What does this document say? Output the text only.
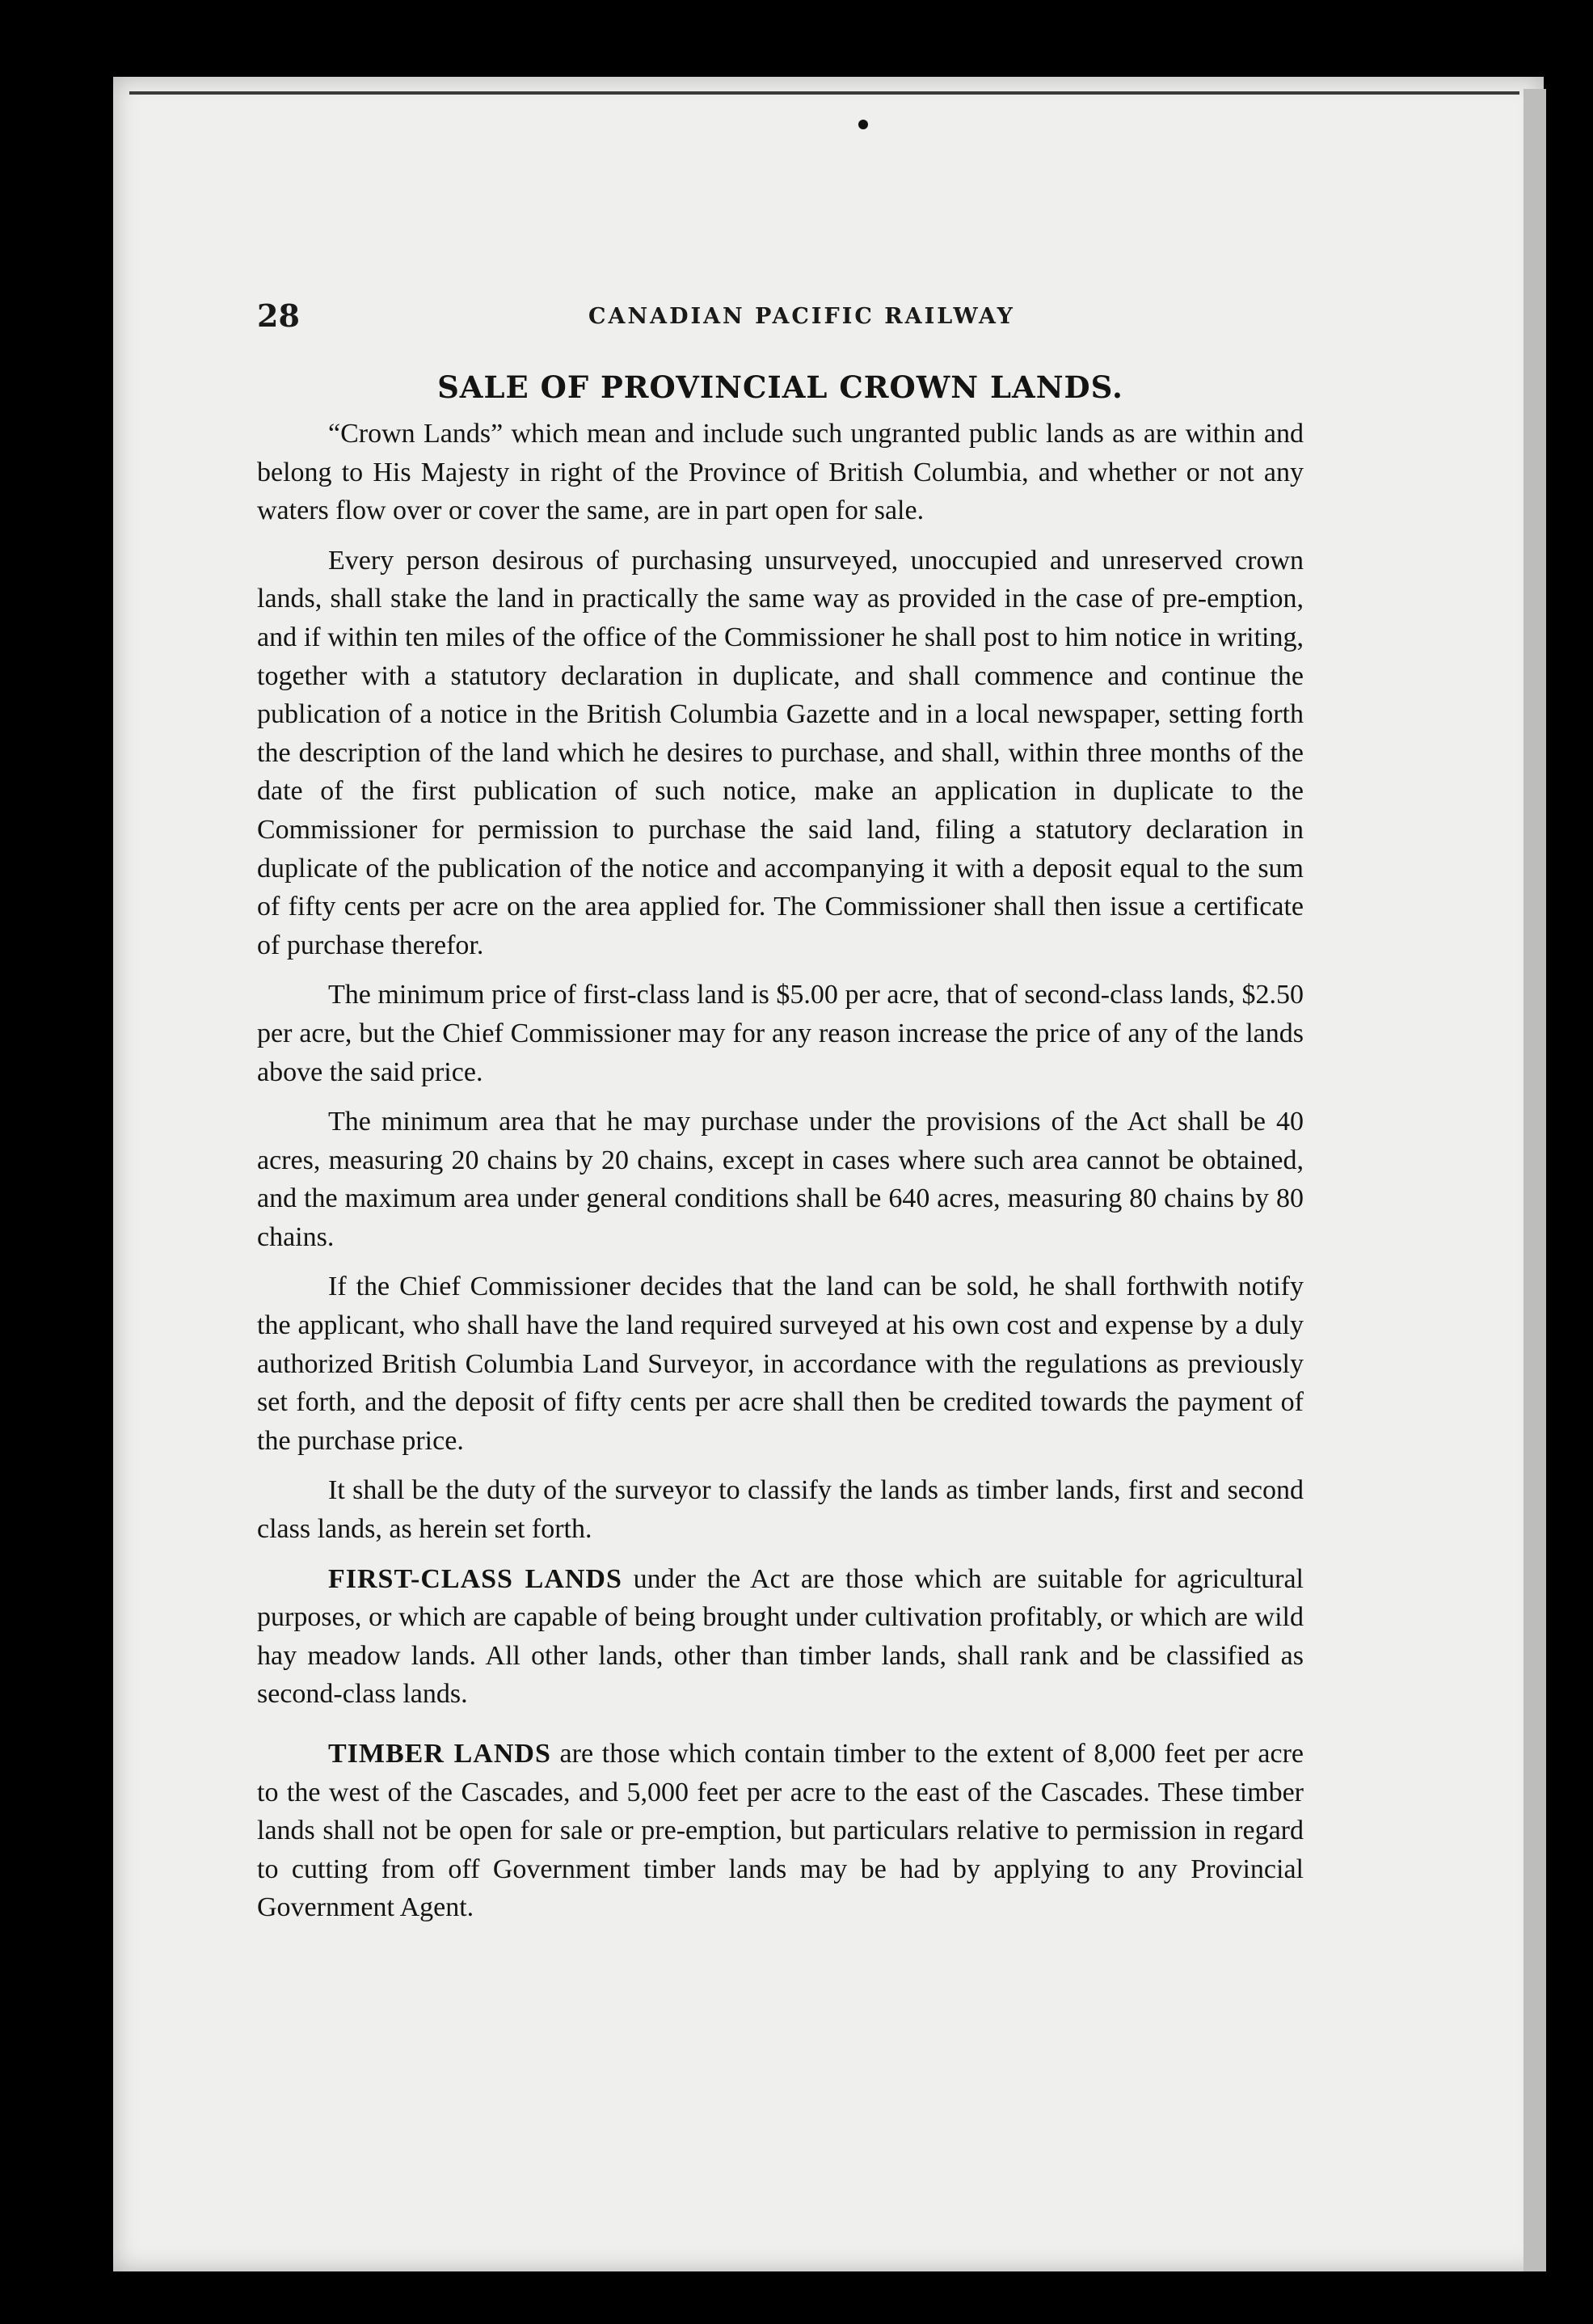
28	CANADIAN PACIFIC RAILWAY
SALE OF PROVINCIAL CROWN LANDS.

“Crown Lands” which mean and include such ungranted public lands as are within and belong to His Majesty in right of the Province of British Columbia, and whether or not any waters flow over or cover the same, are in part open for sale.

Every person desirous of purchasing unsurveyed, unoccupied and unreserved crown lands, shall stake the land in practically the same way as provided in the case of pre-emption, and if within ten miles of the office of the Commissioner he shall post to him notice in writing, together with a statutory declaration in duplicate, and shall commence and continue the publication of a notice in the British Columbia Gazette and in a local newspaper, setting forth the description of the land which he desires to purchase, and shall, within three months of the date of the first publication of such notice, make an application in duplicate to the Commissioner for permission to purchase the said land, filing a statutory declaration in duplicate of the publication of the notice and accompanying it with a deposit equal to the sum of fifty cents per acre on the area applied for. The Commissioner shall then issue a certificate of purchase therefor.

The minimum price of first-class land is $5.00 per acre, that of second-class lands, $2.50 per acre, but the Chief Commissioner may for any reason increase the price of any of the lands above the said price.

The minimum area that he may purchase under the provisions of the Act shall be 40 acres, measuring 20 chains by 20 chains, except in cases where such area cannot be obtained, and the maximum area under general conditions shall be 640 acres, measuring 80 chains by 80 chains.

If the Chief Commissioner decides that the land can be sold, he shall forthwith notify the applicant, who shall have the land required surveyed at his own cost and expense by a duly authorized British Columbia Land Surveyor, in accordance with the regulations as previously set forth, and the deposit of fifty cents per acre shall then be credited towards the payment of the purchase price.

It shall be the duty of the surveyor to classify the lands as timber lands, first and second class lands, as herein set forth.

FIRST-CLASS LANDS under the Act are those which are suitable for agricultural purposes, or which are capable of being brought under cultivation profitably, or which are wild hay meadow lands. All other lands, other than timber lands, shall rank and be classified as second-class lands.

TIMBER LANDS are those which contain timber to the extent of 8,000 feet per acre to the west of the Cascades, and 5,000 feet per acre to the east of the Cascades. These timber lands shall not be open for sale or pre-emption, but particulars relative to permission in regard to cutting from off Government timber lands may be had by applying to any Provincial Government Agent.
